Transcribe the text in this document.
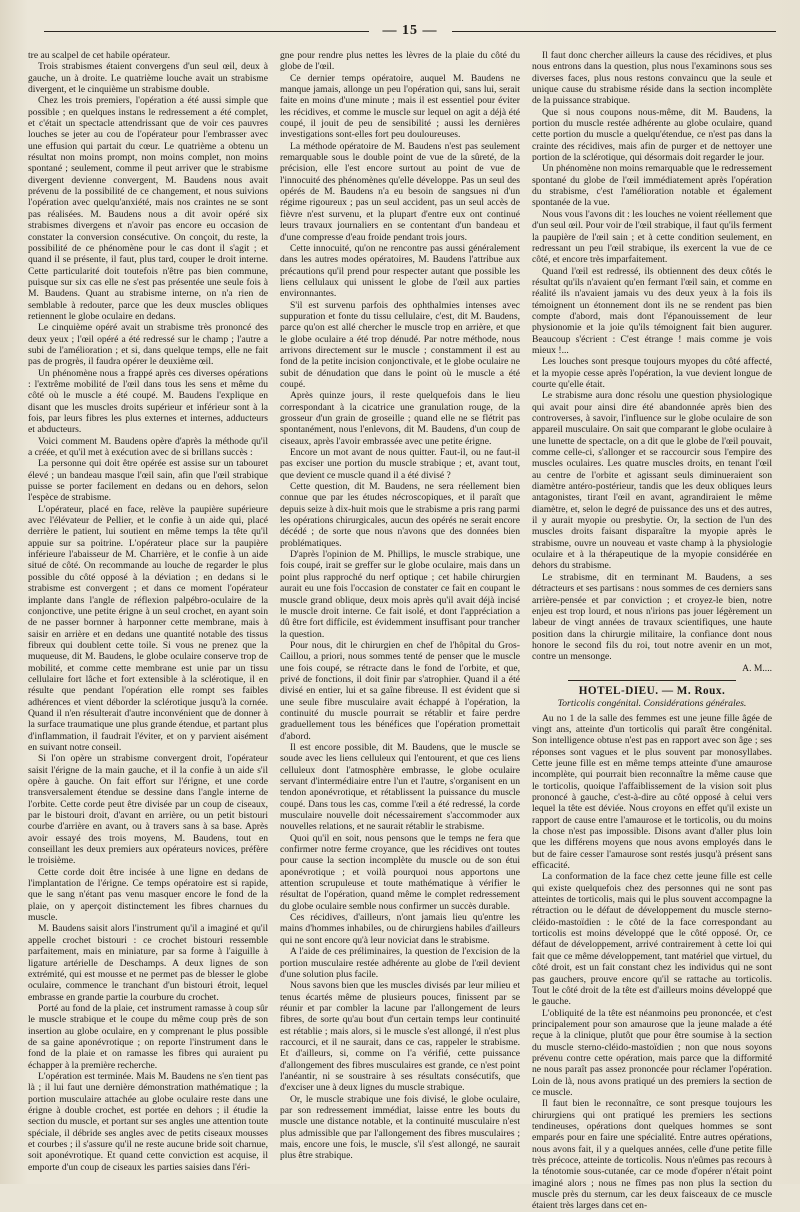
— 15 —

tre au scalpel de cet habile opérateur.

Trois strabismes étaient convergens d'un seul œil, deux à gauche, un à droite. Le quatrième louche avait un strabisme divergent, et le cinquième un strabisme double.

Chez les trois premiers, l'opération a été aussi simple que possible ; en quelques instans le redressement a été complet, et c'était un spectacle attendrissant que de voir ces pauvres louches se jeter au cou de l'opérateur pour l'embrasser avec une effusion qui partait du cœur. Le quatrième a obtenu un résultat non moins prompt, non moins complet, non moins spontané ; seulement, comme il peut arriver que le strabisme divergent devienne convergent, M. Baudens nous avait prévenu de la possibilité de ce changement, et nous suivions l'opération avec quelqu'anxiété, mais nos craintes ne se sont pas réalisées. M. Baudens nous a dit avoir opéré six strabismes divergens et n'avoir pas encore eu occasion de constater la conversion consécutive. On conçoit, du reste, la possibilité de ce phénomène pour le cas dont il s'agit ; et quand il se présente, il faut, plus tard, couper le droit interne. Cette particularité doit toutefois n'être pas bien commune, puisque sur six cas elle ne s'est pas présentée une seule fois à M. Baudens. Quant au strabisme interne, on n'a rien de semblable à redouter, parce que les deux muscles obliques retiennent le globe oculaire en dedans.

Le cinquième opéré avait un strabisme très prononcé des deux yeux ; l'œil opéré a été redressé sur le champ ; l'autre a subi de l'amélioration ; et si, dans quelque temps, elle ne fait pas de progrès, il faudra opérer le deuxième œil.

Un phénomène nous a frappé après ces diverses opérations : l'extrême mobilité de l'œil dans tous les sens et même du côté où le muscle a été coupé. M. Baudens l'explique en disant que les muscles droits supérieur et inférieur sont à la fois, par leurs fibres les plus externes et internes, adducteurs et abducteurs.

Voici comment M. Baudens opère d'après la méthode qu'il a créée, et qu'il met à exécution avec de si brillans succès :

La personne qui doit être opérée est assise sur un tabouret élevé ; un bandeau masque l'œil sain, afin que l'œil strabique puisse se porter facilement en dedans ou en dehors, selon l'espèce de strabisme.

L'opérateur, placé en face, relève la paupière supérieure avec l'élévateur de Pellier, et le confie à un aide qui, placé derrière le patient, lui soutient en même temps la tête qu'il appuie sur sa poitrine. L'opérateur place sur la paupière inférieure l'abaisseur de M. Charrière, et le confie à un aide situé de côté. On recommande au louche de regarder le plus possible du côté opposé à la déviation ; en dedans si le strabisme est convergent ; et dans ce moment l'opérateur implante dans l'angle de réflexion palpébro-oculaire de la conjonctive, une petite érigne à un seul crochet, en ayant soin de ne passer bornner à harponner cette membrane, mais à saisir en arrière et en dedans une quantité notable des tissus fibreux qui doublent cette toile. Si vous ne prenez que la muqueuse, dit M. Baudens, le globe oculaire conserve trop de mobilité, et comme cette membrane est unie par un tissu cellulaire fort lâche et fort extensible à la sclérotique, il en résulte que pendant l'opération elle rompt ses faibles adhérences et vient déborder la sclérotique jusqu'à la cornée. Quand il n'en résulterait d'autre inconvénient que de donner à la surface traumatique une plus grande étendue, et partant plus d'inflammation, il faudrait l'éviter, et on y parvient aisément en suivant notre conseil.

Si l'on opère un strabisme convergent droit, l'opérateur saisit l'érigne de la main gauche, et il la confie à un aide s'il opère à gauche. On fait effort sur l'érigne, et une corde transversalement étendue se dessine dans l'angle interne de l'orbite. Cette corde peut être divisée par un coup de ciseaux, par le bistouri droit, d'avant en arrière, ou un petit bistouri courbe d'arrière en avant, ou à travers sans à sa base. Après avoir essayé des trois moyens, M. Baudens, tout en conseillant les deux premiers aux opérateurs novices, préfère le troisième.

Cette corde doit être incisée à une ligne en dedans de l'implantation de l'érigne. Ce temps opératoire est si rapide, que le sang n'étant pas venu masquer encore le fond de la plaie, on y aperçoit distinctement les fibres charnues du muscle.

M. Baudens saisit alors l'instrument qu'il a imaginé et qu'il appelle crochet bistouri : ce crochet bistouri ressemble parfaitement, mais en miniature, par sa forme à l'aiguille à ligature artérielle de Deschamps. A deux lignes de son extrémité, qui est mousse et ne permet pas de blesser le globe oculaire, commence le tranchant d'un bistouri étroit, lequel embrasse en grande partie la courbure du crochet.

Porté au fond de la plaie, cet instrument ramasse à coup sûr le muscle strabique et le coupe du même coup près de son insertion au globe oculaire, en y comprenant le plus possible de sa gaine aponévrotique ; on reporte l'instrument dans le fond de la plaie et on ramasse les fibres qui auraient pu échapper à la première recherche.

L'opération est terminée. Mais M. Baudens ne s'en tient pas là ; il lui faut une dernière démonstration mathématique ; la portion musculaire attachée au globe oculaire reste dans une érigne à double crochet, est portée en dehors ; il étudie la section du muscle, et portant sur ses angles une attention toute spéciale, il débride ses angles avec de petits ciseaux mousses et courbes ; il s'assure qu'il ne reste aucune bride soit charnue, soit aponévrotique. Et quand cette conviction est acquise, il emporte d'un coup de ciseaux les parties saisies dans l'éri-

gne pour rendre plus nettes les lèvres de la plaie du côté du globe de l'œil.

Ce dernier temps opératoire, auquel M. Baudens ne manque jamais, allonge un peu l'opération qui, sans lui, serait faite en moins d'une minute ; mais il est essentiel pour éviter les récidives, et comme le muscle sur lequel on agit a déjà été coupé, il jouit de peu de sensibilité ; aussi les dernières investigations sont-elles fort peu douloureuses.

La méthode opératoire de M. Baudens n'est pas seulement remarquable sous le double point de vue de la sûreté, de la précision, elle l'est encore surtout au point de vue de l'innocuité des phénomènes qu'elle développe. Pas un seul des opérés de M. Baudens n'a eu besoin de sangsues ni d'un régime rigoureux ; pas un seul accident, pas un seul accès de fièvre n'est survenu, et la plupart d'entre eux ont continué leurs travaux journaliers en se contentant d'un bandeau et d'une compresse d'eau froide pendant trois jours.

Cette innocuité, qu'on ne rencontre pas aussi généralement dans les autres modes opératoires, M. Baudens l'attribue aux précautions qu'il prend pour respecter autant que possible les liens cellulaux qui unissent le globe de l'œil aux parties environnantes.

S'il est survenu parfois des ophthalmies intenses avec suppuration et fonte du tissu cellulaire, c'est, dit M. Baudens, parce qu'on est allé chercher le muscle trop en arrière, et que le globe oculaire a été trop dénudé. Par notre méthode, nous arrivons directement sur le muscle ; constamment il est au fond de la petite incision conjonctivale, et le globe oculaire ne subit de dénudation que dans le point où le muscle a été coupé.

Après quinze jours, il reste quelquefois dans le lieu correspondant à la cicatrice une granulation rouge, de la grosseur d'un grain de groseille ; quand elle ne se flétrit pas spontanément, nous l'enlevons, dit M. Baudens, d'un coup de ciseaux, après l'avoir embrassée avec une petite érigne.

Encore un mot avant de nous quitter. Faut-il, ou ne faut-il pas exciser une portion du muscle strabique ; et, avant tout, que devient ce muscle quand il a été divisé ?

Cette question, dit M. Baudens, ne sera réellement bien connue que par les études nécroscopiques, et il paraît que depuis seize à dix-huit mois que le strabisme a pris rang parmi les opérations chirurgicales, aucun des opérés ne serait encore décédé ; de sorte que nous n'avons que des données bien problématiques.

D'après l'opinion de M. Phillips, le muscle strabique, une fois coupé, irait se greffer sur le globe oculaire, mais dans un point plus rapproché du nerf optique ; cet habile chirurgien aurait eu une fois l'occasion de constater ce fait en coupant le muscle grand oblique, deux mois après qu'il avait déjà incisé le muscle droit interne. Ce fait isolé, et dont l'appréciation a dû être fort difficile, est évidemment insuffisant pour trancher la question.

Pour nous, dit le chirurgien en chef de l'hôpital du Gros-Caillou, a priori, nous sommes tenté de penser que le muscle une fois coupé, se rétracte dans le fond de l'orbite, et que, privé de fonctions, il doit finir par s'atrophier. Quand il a été divisé en entier, lui et sa gaîne fibreuse. Il est évident que si une seule fibre musculaire avait échappé à l'opération, la continuité du muscle pourrait se rétablir et faire perdre graduellement tous les bénéfices que l'opération promettait d'abord.

Il est encore possible, dit M. Baudens, que le muscle se soude avec les liens celluleux qui l'entourent, et que ces liens celluleux dont l'atmosphère embrasse, le globe oculaire servant d'intermédiaire entre l'un et l'autre, s'organisent en un tendon aponévrotique, et rétablissent la puissance du muscle coupé. Dans tous les cas, comme l'œil a été redressé, la corde musculaire nouvelle doit nécessairement s'accommoder aux nouvelles relations, et ne saurait rétablir le strabisme.

Quoi qu'il en soit, nous pensons que le temps ne fera que confirmer notre ferme croyance, que les récidives ont toutes pour cause la section incomplète du muscle ou de son étui aponévrotique ; et voilà pourquoi nous apportons une attention scrupuleuse et toute mathématique à vérifier le résultat de l'opération, quand même le complet redressement du globe oculaire semble nous confirmer un succès durable.

Ces récidives, d'ailleurs, n'ont jamais lieu qu'entre les mains d'hommes inhabiles, ou de chirurgiens habiles d'ailleurs qui ne sont encore qu'à leur noviciat dans le strabisme.

A l'aide de ces préliminaires, la question de l'excision de la portion musculaire restée adhérente au globe de l'œil devient d'une solution plus facile.

Nous savons bien que les muscles divisés par leur milieu et tenus écartés même de plusieurs pouces, finissent par se réunir et par combler la lacune par l'allongement de leurs fibres, de sorte qu'au bout d'un certain temps leur continuité est rétablie ; mais alors, si le muscle s'est allongé, il n'est plus raccourci, et il ne saurait, dans ce cas, rappeler le strabisme. Et d'ailleurs, si, comme on l'a vérifié, cette puissance d'allongement des fibres musculaires est grande, ce n'est point l'anéantir, ni se soustraire à ses résultats consécutifs, que d'exciser une à deux lignes du muscle strabique.

Or, le muscle strabique une fois divisé, le globe oculaire, par son redressement immédiat, laisse entre les bouts du muscle une distance notable, et la continuité musculaire n'est plus admissible que par l'allongement des fibres musculaires ; mais, encore une fois, le muscle, s'il s'est allongé, ne saurait plus être strabique.

Il faut donc chercher ailleurs la cause des récidives, et plus nous entrons dans la question, plus nous l'examinons sous ses diverses faces, plus nous restons convaincu que la seule et unique cause du strabisme réside dans la section incomplète de la puissance strabique.

Que si nous coupons nous-même, dit M. Baudens, la portion du muscle restée adhérente au globe oculaire, quand cette portion du muscle a quelqu'étendue, ce n'est pas dans la crainte des récidives, mais afin de purger et de nettoyer une portion de la sclérotique, qui désormais doit regarder le jour.

Un phénomène non moins remarquable que le redressement spontané du globe de l'œil immédiatement après l'opération du strabisme, c'est l'amélioration notable et également spontanée de la vue.

Nous vous l'avons dit : les louches ne voient réellement que d'un seul œil. Pour voir de l'œil strabique, il faut qu'ils ferment la paupière de l'œil sain ; et à cette condition seulement, en redressant un peu l'œil strabique, ils exercent la vue de ce côté, et encore très imparfaitement.

Quand l'œil est redressé, ils obtiennent des deux côtés le résultat qu'ils n'avaient qu'en fermant l'œil sain, et comme en réalité ils n'avaient jamais vu des deux yeux à la fois ils témoignent un étonnement dont ils ne se rendent pas bien compte d'abord, mais dont l'épanouissement de leur physionomie et la joie qu'ils témoignent fait bien augurer. Beaucoup s'écrient : C'est étrange ! mais comme je vois mieux !...

Les louches sont presque toujours myopes du côté affecté, et la myopie cesse après l'opération, la vue devient longue de courte qu'elle était.

Le strabisme aura donc résolu une question physiologique qui avait pour ainsi dire été abandonnée après bien des controverses, à savoir, l'influence sur le globe oculaire de son appareil musculaire. On sait que comparant le globe oculaire à une lunette de spectacle, on a dit que le globe de l'œil pouvait, comme celle-ci, s'allonger et se raccourcir sous l'empire des muscles oculaires. Les quatre muscles droits, en tenant l'œil au centre de l'orbite et agissant seuls diminueraient son diamètre antéro-postérieur, tandis que les deux obliques leurs antagonistes, tirant l'œil en avant, agrandiraient le même diamètre, et, selon le degré de puissance des uns et des autres, il y aurait myopie ou presbytie. Or, la section de l'un des muscles droits faisant disparaître la myopie après le strabisme, ouvre un nouveau et vaste champ à la physiologie oculaire et à la thérapeutique de la myopie considérée en dehors du strabisme.

Le strabisme, dit en terminant M. Baudens, a ses détracteurs et ses partisans : nous sommes de ces derniers sans arrière-pensée et par conviction ; et croyez-le bien, notre enjeu est trop lourd, et nous n'irions pas jouer légèrement un labeur de vingt années de travaux scientifiques, une haute position dans la chirurgie militaire, la confiance dont nous honore le second fils du roi, tout notre avenir en un mot, contre un mensonge.

A. M....

HOTEL-DIEU. — M. Roux.

Torticolis congénital. Considérations générales.

Au no 1 de la salle des femmes est une jeune fille âgée de vingt ans, atteinte d'un torticolis qui paraît être congénital. Son intelligence obtuse n'est pas en rapport avec son âge ; ses réponses sont vagues et le plus souvent par monosyllabes. Cette jeune fille est en même temps atteinte d'une amaurose incomplète, qui pourrait bien reconnaître la même cause que le torticolis, quoique l'affaiblissement de la vision soit plus prononcé à gauche, c'est-à-dire au côté opposé à celui vers lequel la tête est déviée. Nous croyons en effet qu'il existe un rapport de cause entre l'amaurose et le torticolis, ou du moins la chose n'est pas impossible. Disons avant d'aller plus loin que les différens moyens que nous avons employés dans le but de faire cesser l'amaurose sont restés jusqu'à présent sans efficacité.

La conformation de la face chez cette jeune fille est celle qui existe quelquefois chez des personnes qui ne sont pas atteintes de torticolis, mais qui le plus souvent accompagne la rétraction ou le défaut de développement du muscle sterno-cléido-mastoïdien : le côté de la face correspondant au torticolis est moins développé que le côté opposé. Or, ce défaut de développement, arrivé contrairement à cette loi qui fait que ce même développement, tant matériel que virtuel, du côté droit, est un fait constant chez les individus qui ne sont pas gauchers, prouve encore qu'il se rattache au torticolis. Tout le côté droit de la tête est d'ailleurs moins développé que le gauche.

L'obliquité de la tête est néanmoins peu prononcée, et c'est principalement pour son amaurose que la jeune malade a été reçue à la clinique, plutôt que pour être soumise à la section du muscle sterno-cléido-mastoïdien ; non que nous soyons prévenu contre cette opération, mais parce que la difformité ne nous paraît pas assez prononcée pour réclamer l'opération. Loin de là, nous avons pratiqué un des premiers la section de ce muscle.

Il faut bien le reconnaître, ce sont presque toujours les chirurgiens qui ont pratiqué les premiers les sections tendineuses, opérations dont quelques hommes se sont emparés pour en faire une spécialité. Entre autres opérations, nous avons fait, il y a quelques années, celle d'une petite fille très précoce, atteinte de torticolis. Nous n'eûmes pas recours à la ténotomie sous-cutanée, car ce mode d'opérer n'était point imaginé alors ; nous ne fîmes pas non plus la section du muscle près du sternum, car les deux faisceaux de ce muscle étaient très larges dans cet en-
